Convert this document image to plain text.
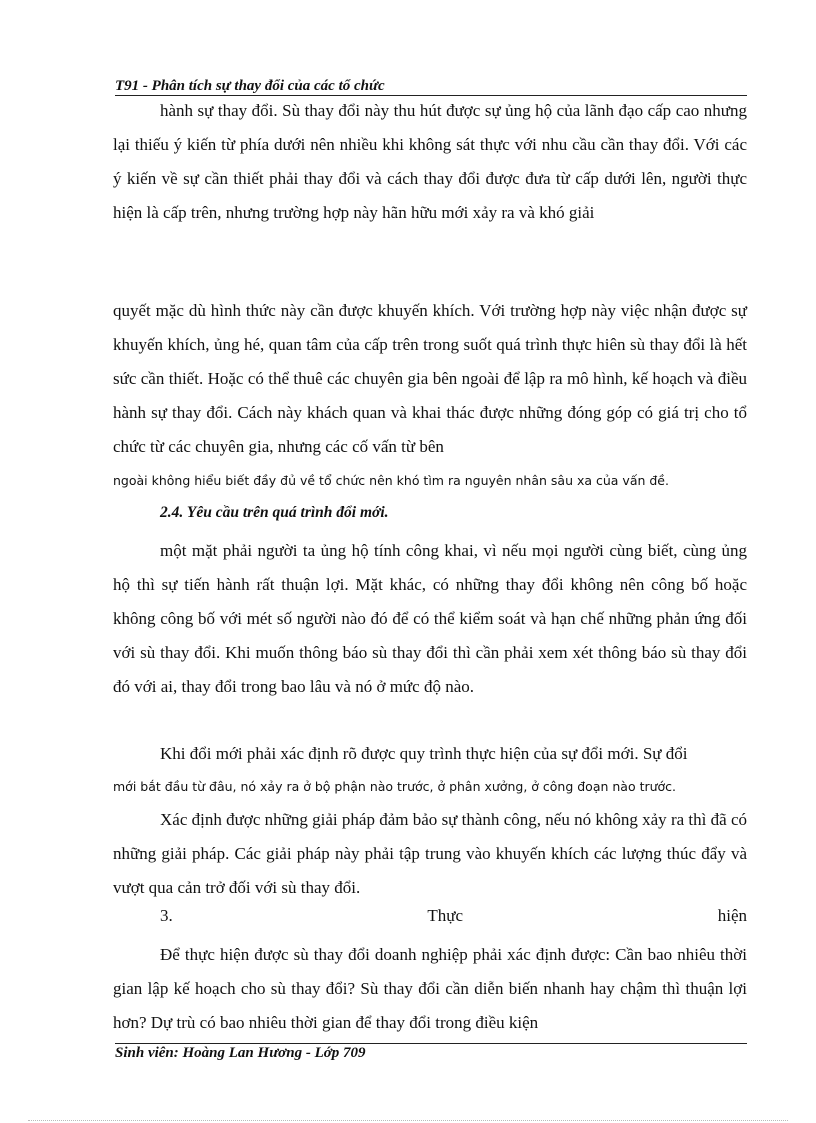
T91 - Phân tích sự thay đổi của các tổ chức

hành sự thay đổi. Sù thay đổi này thu hút được sự ủng hộ của lãnh đạo cấp cao nhưng lại thiếu ý kiến từ phía dưới nên nhiều khi không sát thực với nhu cầu cần thay đổi. Với các ý kiến về sự cần thiết phải thay đổi và cách thay đổi được đưa từ cấp dưới lên, người thực hiện là cấp trên, nhưng trường hợp này hãn hữu mới xảy ra và khó giải

quyết mặc dù hình thức này cần được khuyến khích. Với trường hợp này việc nhận được sự khuyến khích, ủng hé, quan tâm của cấp trên trong suốt quá trình thực hiên sù thay đổi là hết sức cần thiết. Hoặc có thể thuê các chuyên gia bên ngoài để lập ra mô hình, kế hoạch và điều hành sự thay đổi. Cách này khách quan và khai thác được những đóng góp có giá trị cho tổ chức từ các chuyên gia, nhưng các cố vấn từ bên

ngoài không hiểu biết đầy đủ về tổ chức nên khó tìm ra nguyên nhân sâu xa của vấn đề.

2.4. Yêu cầu trên quá trình đổi mới.

một mặt phải người ta ủng hộ tính công khai, vì nếu mọi người cùng biết, cùng ủng hộ thì sự tiến hành rất thuận lợi. Mặt khác, có những thay đổi không nên công bố hoặc không công bố với mét số người nào đó để có thể kiểm soát và hạn chế những phản ứng đối với sù thay đổi. Khi muốn thông báo sù thay đổi thì cần phải xem xét thông báo sù thay đổi đó với ai, thay đổi trong bao lâu và nó ở mức độ nào.

Khi đổi mới phải xác định rõ được quy trình thực hiện của sự đổi mới. Sự đổi

mới bắt đầu từ đâu, nó xảy ra ở bộ phận nào trước, ở phân xưởng, ở công đoạn nào trước.

Xác định được những giải pháp đảm bảo sự thành công, nếu nó không xảy ra thì đã có những giải pháp. Các giải pháp này phải tập trung vào khuyến khích các lượng thúc đẩy và vượt qua cản trở đối với sù thay đổi.

3.	Thực	hiện

Để thực hiện được sù thay đổi doanh nghiệp phải xác định được: Cần bao nhiêu thời gian lập kế hoạch cho sù thay đổi? Sù thay đổi cần diễn biến nhanh hay chậm thì thuận lợi hơn? Dự trù có bao nhiêu thời gian để thay đổi trong điều kiện

Sinh viên: Hoàng Lan Hương - Lớp 709
